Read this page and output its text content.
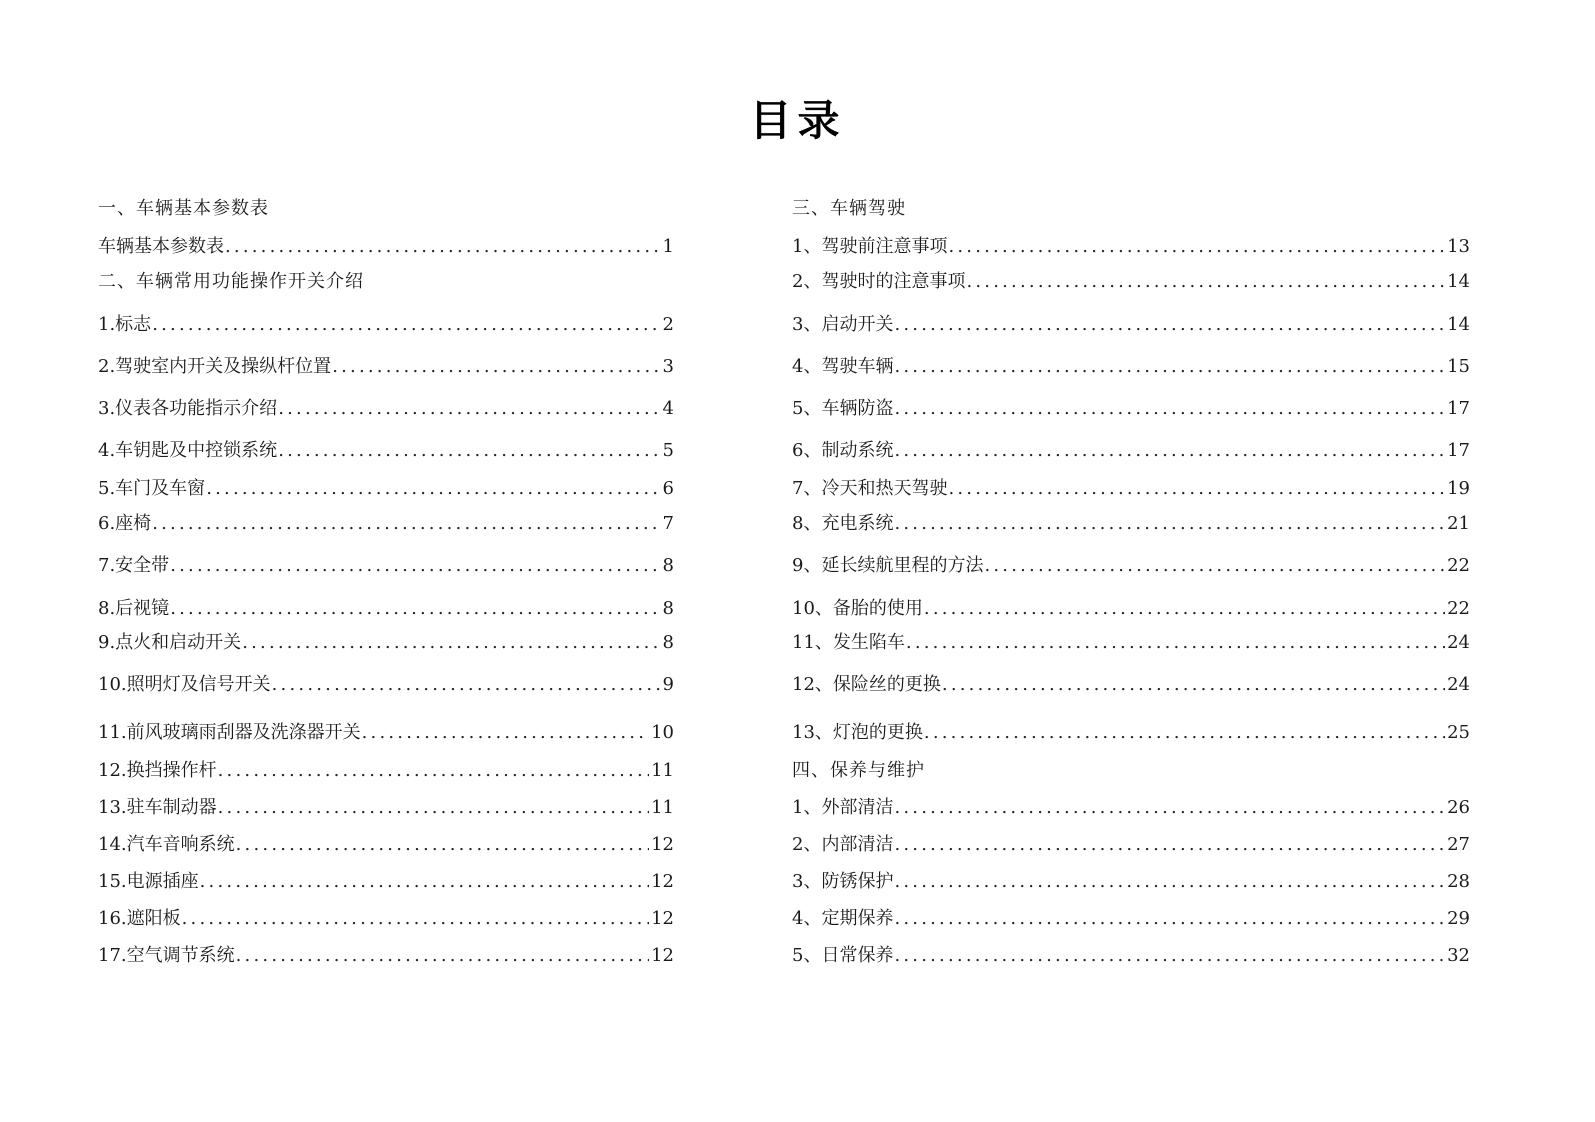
目录
一、车辆基本参数表
车辆基本参数表 .....	1
二、车辆常用功能操作开关介绍
1.标志 .....	2
2.驾驶室内开关及操纵杆位置 .....	3
3.仪表各功能指示介绍 .....	4
4.车钥匙及中控锁系统 .....	5
5.车门及车窗 .....	6
6.座椅 .....	7
7.安全带 .....	8
8.后视镜 .....	8
9.点火和启动开关 .....	8
10.照明灯及信号开关 .....	9
11.前风玻璃雨刮器及洗涤器开关 .....	10
12.换挡操作杆 .....	11
13.驻车制动器 .....	11
14.汽车音响系统 .....	12
15.电源插座 .....	12
16.遮阳板 .....	12
17.空气调节系统 .....	12
三、车辆驾驶
1、驾驶前注意事项 .....	13
2、驾驶时的注意事项 .....	14
3、启动开关 .....	14
4、驾驶车辆 .....	15
5、车辆防盗 .....	17
6、制动系统 .....	17
7、冷天和热天驾驶 .....	19
8、充电系统 .....	21
9、延长续航里程的方法 .....	22
10、备胎的使用 .....	22
11、发生陷车 .....	24
12、保险丝的更换 .....	24
13、灯泡的更换 .....	25
四、保养与维护
1、外部清洁 .....	26
2、内部清洁 .....	27
3、防锈保护 .....	28
4、定期保养 .....	29
5、日常保养 .....	32
